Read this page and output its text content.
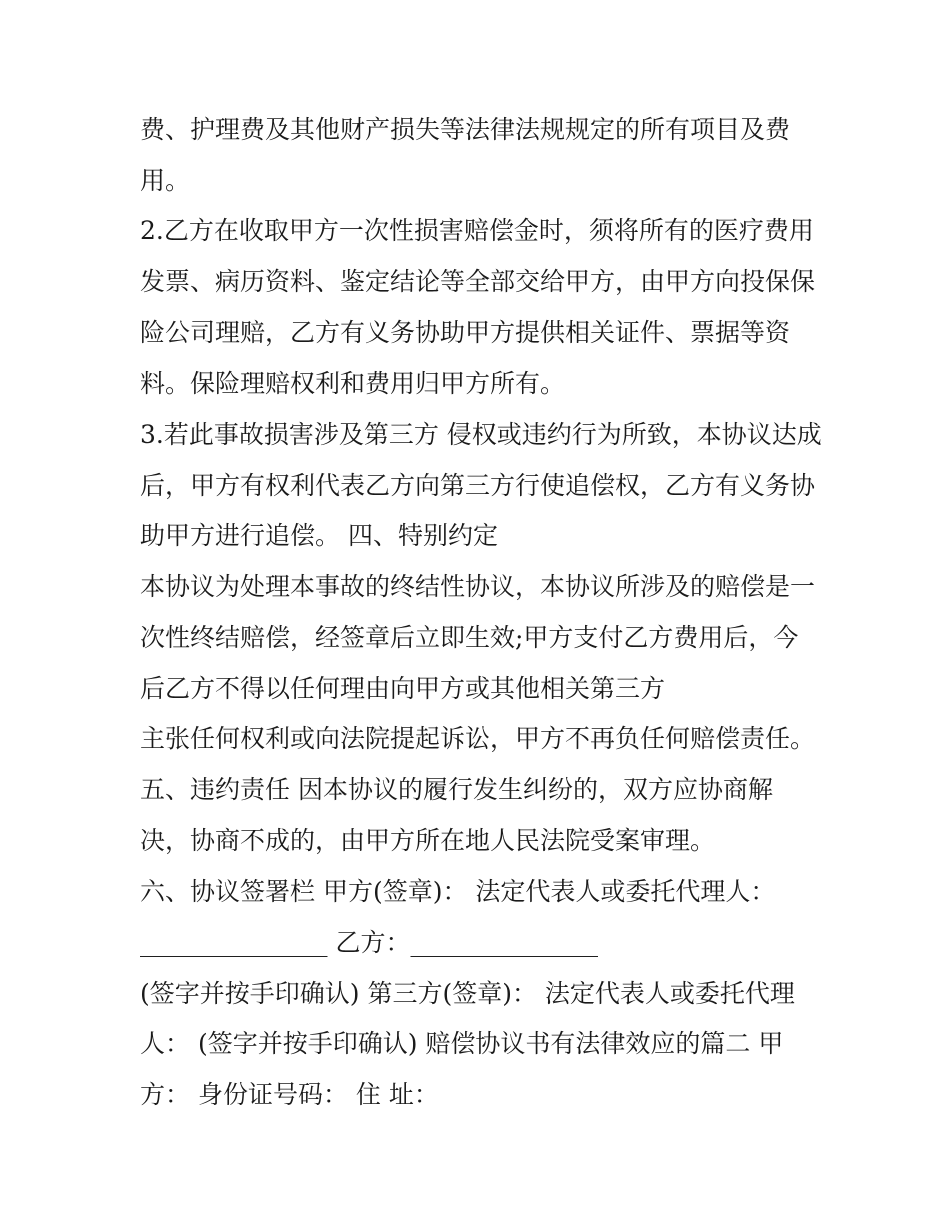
费、护理费及其他财产损失等法律法规规定的所有项目及费
用。
2.乙方在收取甲方一次性损害赔偿金时，须将所有的医疗费用
发票、病历资料、鉴定结论等全部交给甲方，由甲方向投保保
险公司理赔，乙方有义务协助甲方提供相关证件、票据等资
料。保险理赔权利和费用归甲方所有。
3.若此事故损害涉及第三方 侵权或违约行为所致，本协议达成
后，甲方有权利代表乙方向第三方行使追偿权，乙方有义务协
助甲方进行追偿。 四、特别约定
本协议为处理本事故的终结性协议，本协议所涉及的赔偿是一
次性终结赔偿，经签章后立即生效;甲方支付乙方费用后，今
后乙方不得以任何理由向甲方或其他相关第三方
主张任何权利或向法院提起诉讼，甲方不再负任何赔偿责任。
五、违约责任 因本协议的履行发生纠纷的，双方应协商解
决，协商不成的，由甲方所在地人民法院受案审理。
六、协议签署栏 甲方(签章)： 法定代表人或委托代理人：
_______________ 乙方：_______________
(签字并按手印确认) 第三方(签章)： 法定代表人或委托代理
人： (签字并按手印确认) 赔偿协议书有法律效应的篇二 甲
方： 身份证号码： 住 址：
